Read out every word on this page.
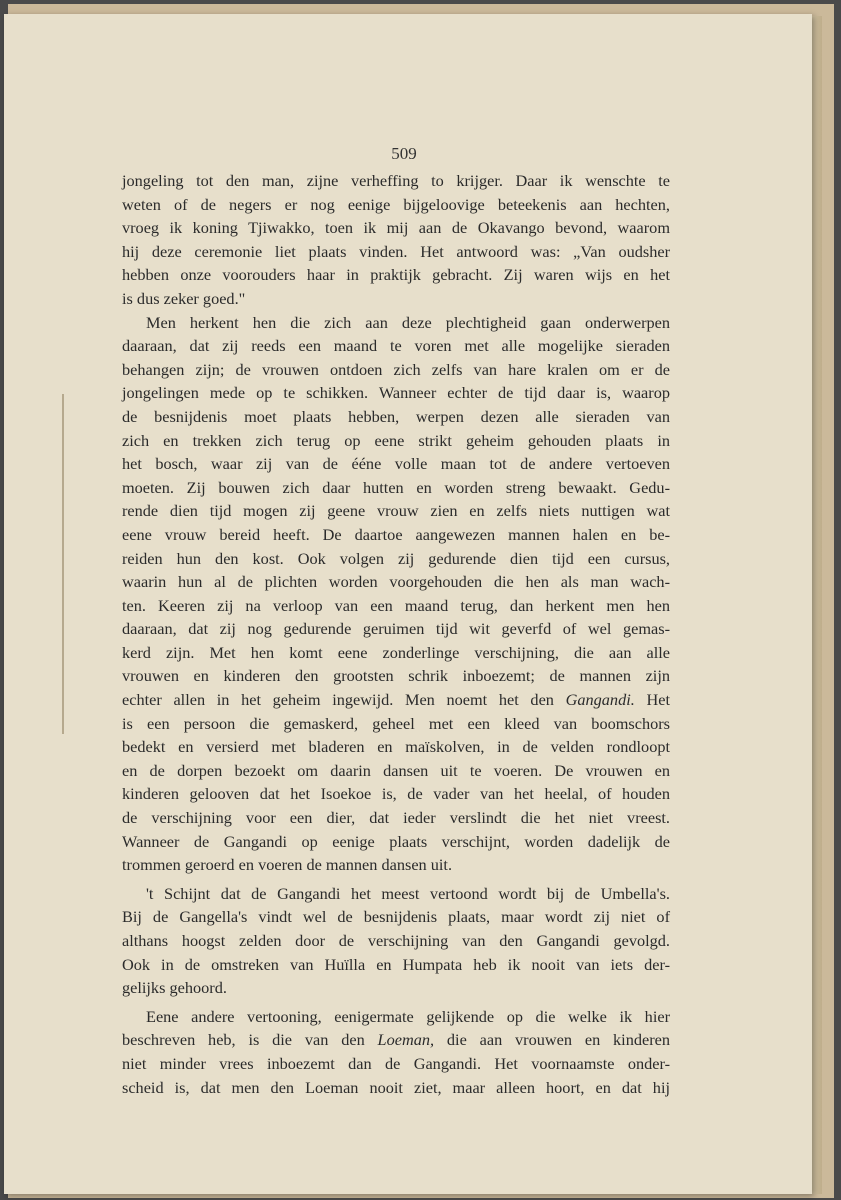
509
jongeling tot den man, zijne verheffing to krijger. Daar ik wenschte te
weten of de negers er nog eenige bijgeloovige beteekenis aan hechten,
vroeg ik koning Tjiwakko, toen ik mij aan de Okavango bevond, waarom
hij deze ceremonie liet plaats vinden. Het antwoord was: „Van oudsher
hebben onze voorouders haar in praktijk gebracht. Zij waren wijs en het
is dus zeker goed."
Men herkent hen die zich aan deze plechtigheid gaan onderwerpen
daaraan, dat zij reeds een maand te voren met alle mogelijke sieraden
behangen zijn; de vrouwen ontdoen zich zelfs van hare kralen om er de
jongelingen mede op te schikken. Wanneer echter de tijd daar is, waarop
de besnijdenis moet plaats hebben, werpen dezen alle sieraden van
zich en trekken zich terug op eene strikt geheim gehouden plaats in
het bosch, waar zij van de ééne volle maan tot de andere vertoeven
moeten. Zij bouwen zich daar hutten en worden streng bewaakt. Gedu-
rende dien tijd mogen zij geene vrouw zien en zelfs niets nuttigen wat
eene vrouw bereid heeft. De daartoe aangewezen mannen halen en be-
reiden hun den kost. Ook volgen zij gedurende dien tijd een cursus,
waarin hun al de plichten worden voorgehouden die hen als man wach-
ten. Keeren zij na verloop van een maand terug, dan herkent men hen
daaraan, dat zij nog gedurende geruimen tijd wit geverfd of wel gemas-
kerd zijn. Met hen komt eene zonderlinge verschijning, die aan alle
vrouwen en kinderen den grootsten schrik inboezemt; de mannen zijn
echter allen in het geheim ingewijd. Men noemt het den Gangandi. Het
is een persoon die gemaskerd, geheel met een kleed van boomschors
bedekt en versierd met bladeren en maïskolven, in de velden rondloopt
en de dorpen bezoekt om daarin dansen uit te voeren. De vrouwen en
kinderen gelooven dat het Isoekoe is, de vader van het heelal, of houden
de verschijning voor een dier, dat ieder verslindt die het niet vreest.
Wanneer de Gangandi op eenige plaats verschijnt, worden dadelijk de
trommen geroerd en voeren de mannen dansen uit.
't Schijnt dat de Gangandi het meest vertoond wordt bij de Umbella's.
Bij de Gangella's vindt wel de besnijdenis plaats, maar wordt zij niet of
althans hoogst zelden door de verschijning van den Gangandi gevolgd.
Ook in de omstreken van Huïlla en Humpata heb ik nooit van iets der-
gelijks gehoord.
Eene andere vertooning, eenigermate gelijkende op die welke ik hier
beschreven heb, is die van den Loeman, die aan vrouwen en kinderen
niet minder vrees inboezemt dan de Gangandi. Het voornaamste onder-
scheid is, dat men den Loeman nooit ziet, maar alleen hoort, en dat hij
